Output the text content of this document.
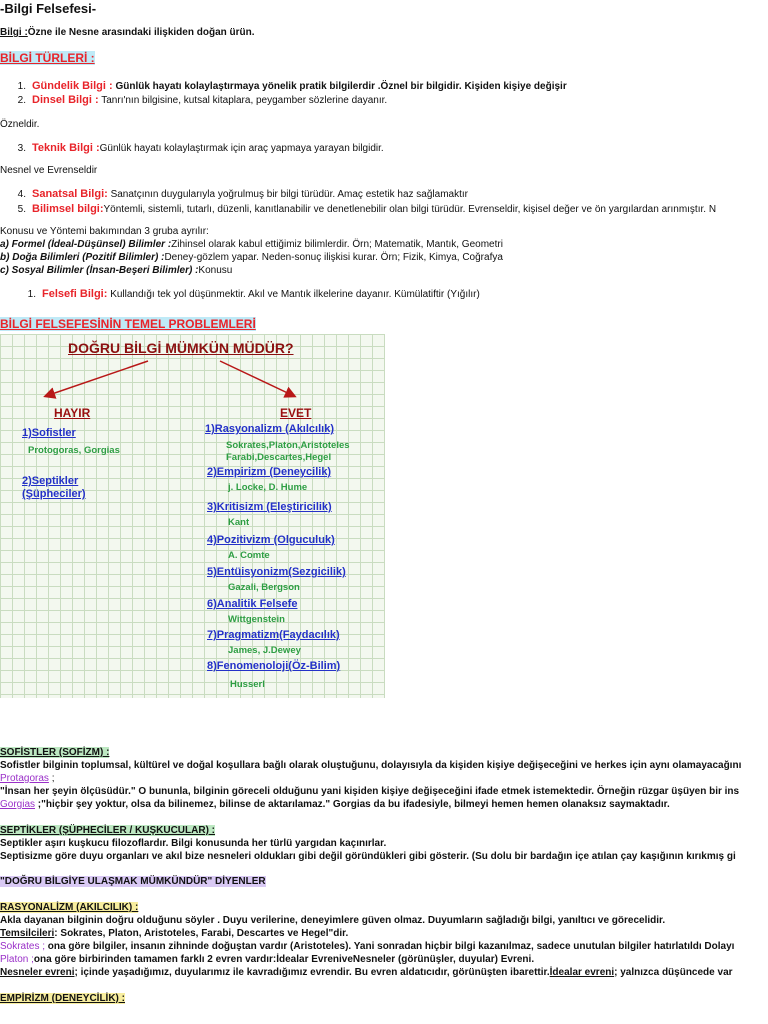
-Bilgi Felsefesi-
Bilgi :Özne ile Nesne arasındaki ilişkiden doğan ürün.
BİLGİ TÜRLERİ :
1. Gündelik Bilgi : Günlük hayatı kolaylaştırmaya yönelik pratik bilgilerdir .Öznel bir bilgidir. Kişiden kişiye değişir
2. Dinsel Bilgi : Tanrı'nın bilgisine, kutsal kitaplara, peygamber sözlerine dayanır.
Özneldir.
3. Teknik Bilgi :Günlük hayatı kolaylaştırmak için araç yapmaya yarayan bilgidir.
Nesnel ve Evrenseldir
4. Sanatsal Bilgi: Sanatçının duygularıyla yoğrulmuş bir bilgi türüdür. Amaç estetik haz sağlamaktır
5. Bilimsel bilgi:Yöntemli, sistemli, tutarlı, düzenli, kanıtlanabilir ve denetlenebilir olan bilgi türüdür. Evrenseldir, kişisel değer ve ön yargılardan arınmıştır. N
Konusu ve Yöntemi bakımından 3 gruba ayrılır:
a) Formel (İdeal-Düşünsel) Bilimler :Zihinsel olarak kabul ettiğimiz bilimlerdir. Örn; Matematik, Mantık, Geometri
b) Doğa Bilimleri (Pozitif Bilimler) :Deney-gözlem yapar. Neden-sonuç ilişkisi kurar. Örn; Fizik, Kimya, Coğrafya
c) Sosyal Bilimler (İnsan-Beşeri Bilimler) :Konusu
1. Felsefi Bilgi: Kullandığı tek yol düşünmektir. Akıl ve Mantık ilkelerine dayanır. Kümülatiftir (Yığılır)
BİLGİ FELSEFESİNİN TEMEL PROBLEMLERİ
DOĞRU BİLGİ MÜMKÜN MÜDÜR?
HAYIR	EVET
1)Sofistler
Protogoras, Gorgias
2)Septikler
(Şüpheciler)
1)Rasyonalizm (Akılcılık)
Sokrates,Platon,Aristoteles
Farabi,Descartes,Hegel
2)Empirizm (Deneycilik)
j. Locke, D. Hume
3)Kritisizm (Eleştiricilik)
Kant
4)Pozitivizm (Olguculuk)
A. Comte
5)Entüisyonizm(Sezgicilik)
Gazali, Bergson
6)Analitik Felsefe
Wittgenstein
7)Pragmatizm(Faydacılık)
James, J.Dewey
8)Fenomenoloji(Öz-Bilim)
Husserl
SOFİSTLER (SOFİZM) :
Sofistler bilginin toplumsal, kültürel ve doğal koşullara bağlı olarak oluştuğunu, dolayısıyla da kişiden kişiye değişeceğini ve herkes için aynı olamayacağını
Protagoras ;
"İnsan her şeyin ölçüsüdür." O bununla, bilginin göreceli olduğunu yani kişiden kişiye değişeceğini ifade etmek istemektedir. Örneğin rüzgar üşüyen bir ins
Gorgias ;"hiçbir şey yoktur, olsa da bilinemez, bilinse de aktarılamaz." Gorgias da bu ifadesiyle, bilmeyi hemen hemen olanaksız saymaktadır.
SEPTİKLER (ŞÜPHECİLER / KUŞKUCULAR) :
Septikler aşırı kuşkucu filozoflardır. Bilgi konusunda her türlü yargıdan kaçınırlar.
Septisizme göre duyu organları ve akıl bize nesneleri oldukları gibi değil göründükleri gibi gösterir. (Su dolu bir bardağın içe atılan çay kaşığının kırıkmış gi
"DOĞRU BİLGİYE ULAŞMAK MÜMKÜNDÜR" DİYENLER
RASYONALİZM (AKILCILIK) :
Akla dayanan bilginin doğru olduğunu söyler . Duyu verilerine, deneyimlere güven olmaz. Duyumların sağladığı bilgi, yanıltıcı ve görecelidir.
Temsilcileri: Sokrates, Platon, Aristoteles, Farabi, Descartes ve Hegel"dir.
Sokrates ; ona göre bilgiler, insanın zihninde doğuştan vardır (Aristoteles). Yani sonradan hiçbir bilgi kazanılmaz, sadece unutulan bilgiler hatırlatıldı Dolayı
Platon ;ona göre birbirinden tamamen farklı 2 evren vardır:İdealar EvreniveNesneler (görünüşler, duyular) Evreni.
Nesneler evreni; içinde yaşadığımız, duyularımız ile kavradığımız evrendir. Bu evren aldatıcıdır, görünüşten ibarettir.İdealar evreni; yalnızca düşüncede var
EMPİRİZM (DENEYCİLİK) :
